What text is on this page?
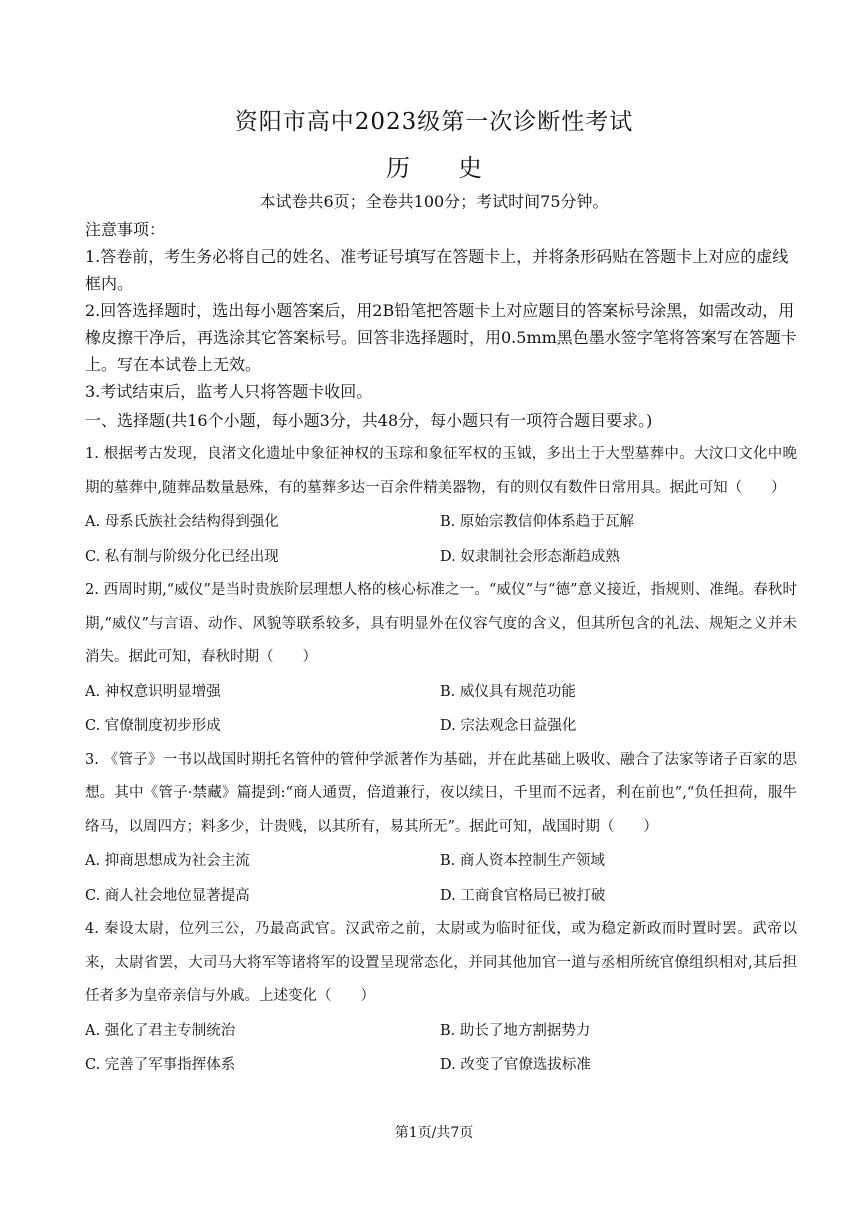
资阳市高中2023级第一次诊断性考试
历 史
本试卷共6页；全卷共100分；考试时间75分钟。

注意事项：

1.答卷前，考生务必将自己的姓名、准考证号填写在答题卡上，并将条形码贴在答题卡上对应的虚线框内。

2.回答选择题时，选出每小题答案后，用2B铅笔把答题卡上对应题目的答案标号涂黑，如需改动，用橡皮擦干净后，再选涂其它答案标号。回答非选择题时，用0.5mm黑色墨水签字笔将答案写在答题卡上。写在本试卷上无效。

3.考试结束后，监考人只将答题卡收回。

一、选择题(共16个小题，每小题3分，共48分，每小题只有一项符合题目要求。)
1. 根据考古发现，良渚文化遗址中象征神权的玉琮和象征军权的玉钺，多出土于大型墓葬中。大汶口文化中晚期的墓葬中,随葬品数量悬殊，有的墓葬多达一百余件精美器物，有的则仅有数件日常用具。据此可知（　　）
A. 母系氏族社会结构得到强化	B. 原始宗教信仰体系趋于瓦解
C. 私有制与阶级分化已经出现	D. 奴隶制社会形态渐趋成熟
2. 西周时期,“威仪”是当时贵族阶层理想人格的核心标准之一。“威仪”与“德”意义接近，指规则、准绳。春秋时期,“威仪”与言语、动作、风貌等联系较多，具有明显外在仪容气度的含义，但其所包含的礼法、规矩之义并未消失。据此可知，春秋时期（　　）
A. 神权意识明显增强	B. 威仪具有规范功能
C. 官僚制度初步形成	D. 宗法观念日益强化
3. 《管子》一书以战国时期托名管仲的管仲学派著作为基础，并在此基础上吸收、融合了法家等诸子百家的思想。其中《管子·禁藏》篇提到:“商人通贾，倍道兼行，夜以续日，千里而不远者，利在前也”,“负任担荷，服牛络马，以周四方；料多少，计贵贱，以其所有，易其所无”。据此可知，战国时期（　　）
A. 抑商思想成为社会主流	B. 商人资本控制生产领域
C. 商人社会地位显著提高	D. 工商食官格局已被打破
4. 秦设太尉，位列三公，乃最高武官。汉武帝之前，太尉或为临时征伐，或为稳定新政而时置时罢。武帝以来，太尉省罢，大司马大将军等诸将军的设置呈现常态化，并同其他加官一道与丞相所统官僚组织相对,其后担任者多为皇帝亲信与外戚。上述变化（　　）
A. 强化了君主专制统治	B. 助长了地方割据势力
C. 完善了军事指挥体系	D. 改变了官僚选拔标准
第1页/共7页
